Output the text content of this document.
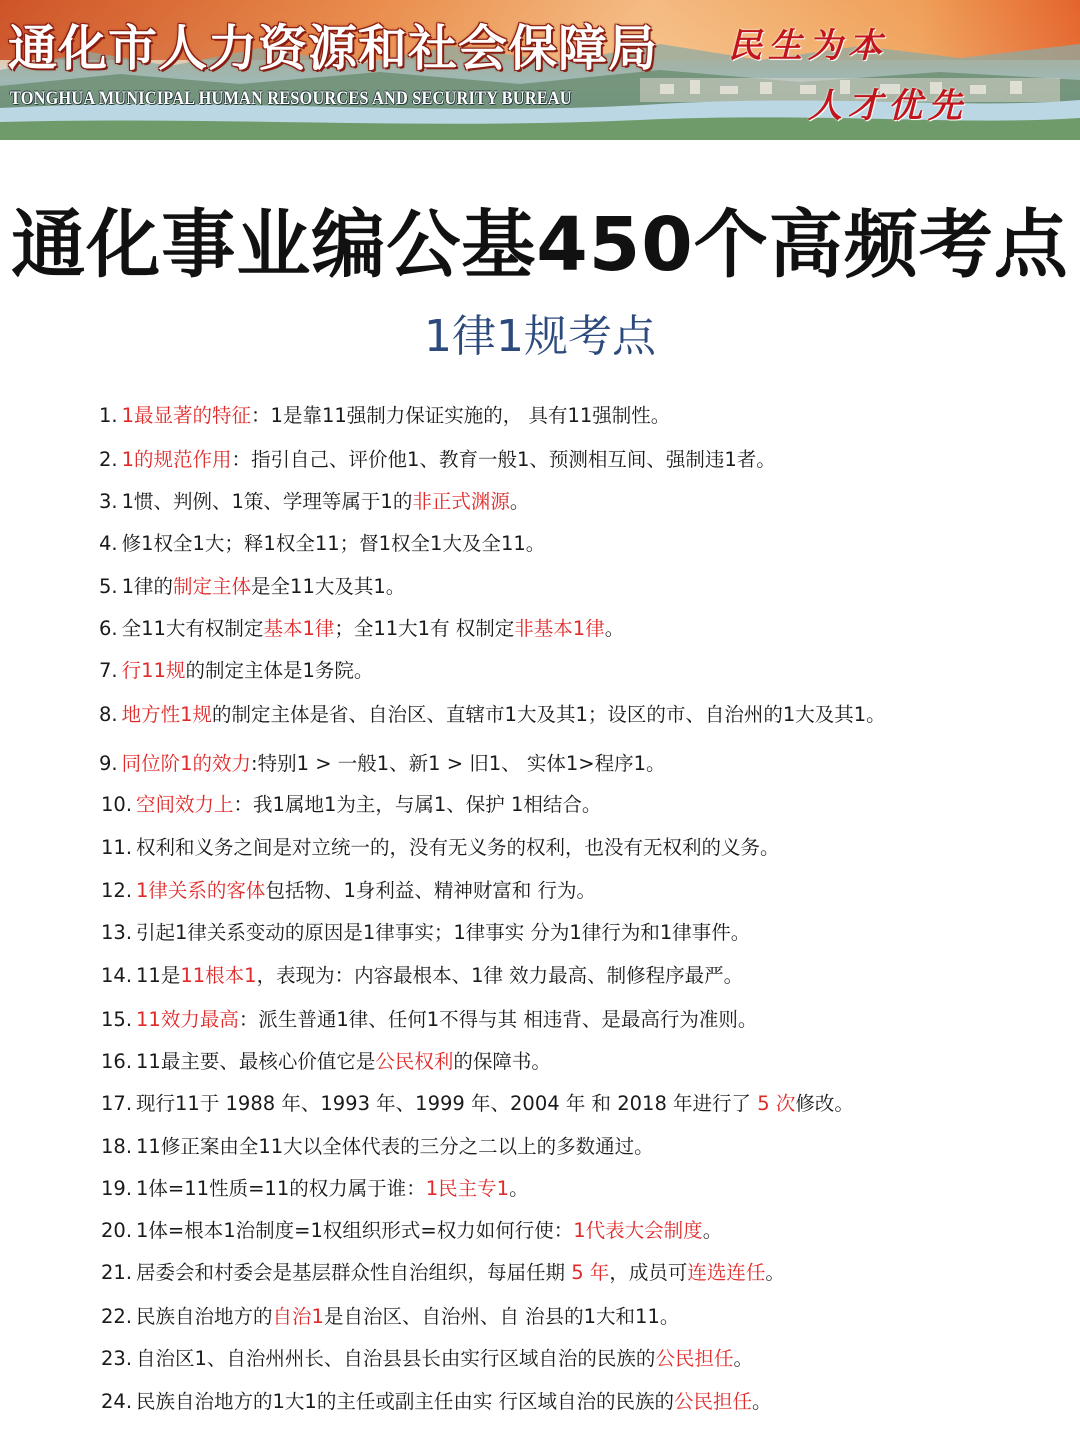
通化市人力资源和社会保障局
TONGHUA MUNICIPAL HUMAN RESOURCES AND SECURITY BUREAU
民生为本
人才优先
通化事业编公基450个高频考点
1律1规考点
1. 1最显著的特征：1是靠11强制力保证实施的， 具有11强制性。
2. 1的规范作用：指引自己、评价他1、教育一般1、预测相互间、强制违1者。
3. 1惯、判例、1策、学理等属于1的非正式渊源。
4. 修1权全1大；释1权全11；督1权全1大及全11。
5. 1律的制定主体是全11大及其1。
6. 全11大有权制定基本1律；全11大1有 权制定非基本1律。
7. 行11规的制定主体是1务院。
8. 地方性1规的制定主体是省、自治区、直辖市1大及其1；设区的市、自治州的1大及其1。
9. 同位阶1的效力:特别1 > 一般1、新1 > 旧1、 实体1>程序1。
10. 空间效力上：我1属地1为主，与属1、保护 1相结合。
11. 权利和义务之间是对立统一的，没有无义务的权利，也没有无权利的义务。
12. 1律关系的客体包括物、1身利益、精神财富和 行为。
13. 引起1律关系变动的原因是1律事实；1律事实 分为1律行为和1律事件。
14. 11是11根本1，表现为：内容最根本、1律 效力最高、制修程序最严。
15. 11效力最高：派生普通1律、任何1不得与其 相违背、是最高行为准则。
16. 11最主要、最核心价值它是公民权利的保障书。
17. 现行11于 1988 年、1993 年、1999 年、2004 年 和 2018 年进行了 5 次修改。
18. 11修正案由全11大以全体代表的三分之二以上的多数通过。
19. 1体=11性质=11的权力属于谁：1民主专1。
20. 1体=根本1治制度=1权组织形式=权力如何行使：1代表大会制度。
21. 居委会和村委会是基层群众性自治组织，每届任期 5 年，成员可连选连任。
22. 民族自治地方的自治1是自治区、自治州、自 治县的1大和11。
23. 自治区1、自治州州长、自治县县长由实行区域自治的民族的公民担任。
24. 民族自治地方的1大1的主任或副主任由实 行区域自治的民族的公民担任。
